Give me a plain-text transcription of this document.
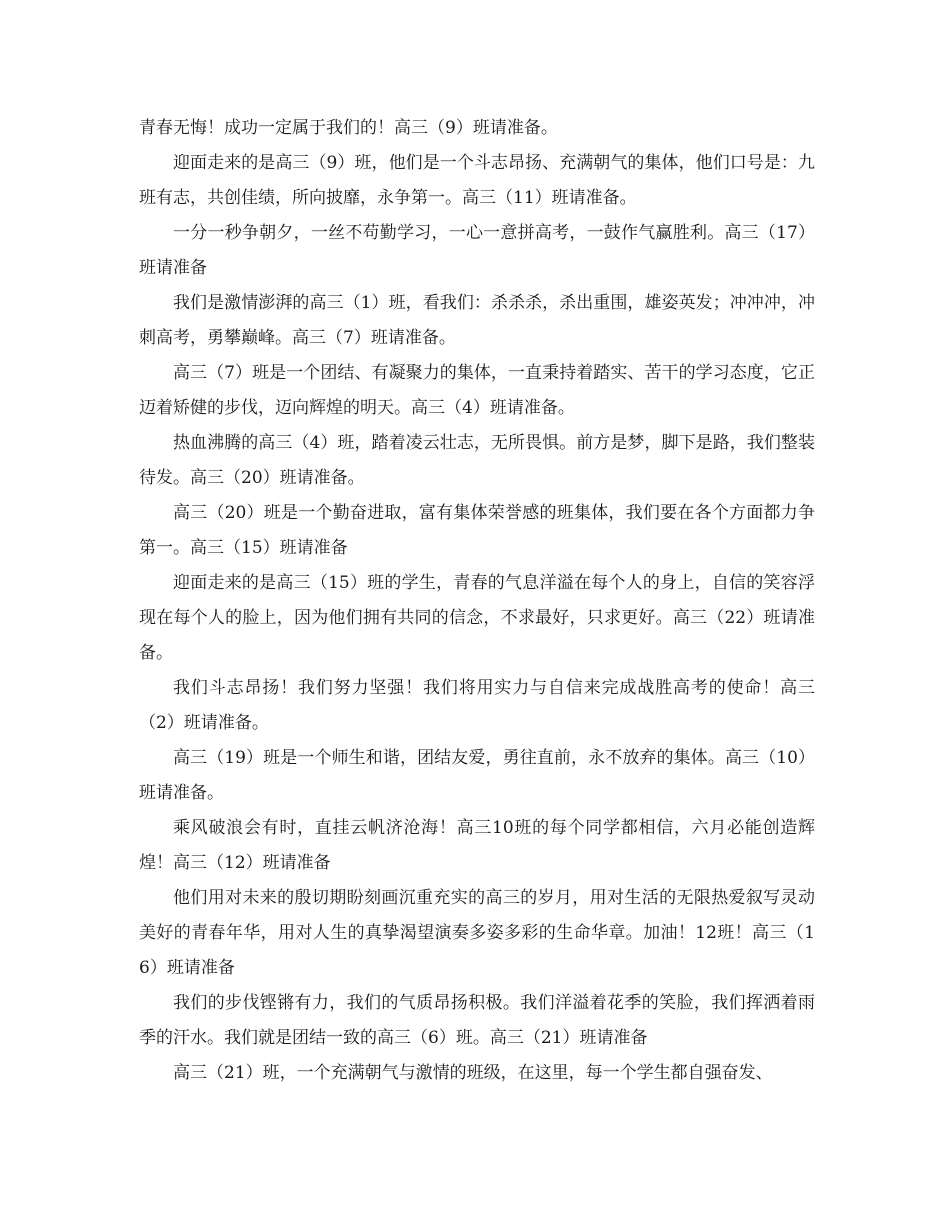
青春无悔！成功一定属于我们的！高三（9）班请准备。

迎面走来的是高三（9）班，他们是一个斗志昂扬、充满朝气的集体，他们口号是：九班有志，共创佳绩，所向披靡，永争第一。高三（11）班请准备。

一分一秒争朝夕，一丝不苟勤学习，一心一意拼高考，一鼓作气赢胜利。高三（17）班请准备

我们是激情澎湃的高三（1）班，看我们：杀杀杀，杀出重围，雄姿英发；冲冲冲，冲刺高考，勇攀巅峰。高三（7）班请准备。

高三（7）班是一个团结、有凝聚力的集体，一直秉持着踏实、苦干的学习态度，它正迈着矫健的步伐，迈向辉煌的明天。高三（4）班请准备。

热血沸腾的高三（4）班，踏着凌云壮志，无所畏惧。前方是梦，脚下是路，我们整装待发。高三（20）班请准备。

高三（20）班是一个勤奋进取，富有集体荣誉感的班集体，我们要在各个方面都力争第一。高三（15）班请准备

迎面走来的是高三（15）班的学生，青春的气息洋溢在每个人的身上，自信的笑容浮现在每个人的脸上，因为他们拥有共同的信念，不求最好，只求更好。高三（22）班请准备。

我们斗志昂扬！我们努力坚强！我们将用实力与自信来完成战胜高考的使命！高三（2）班请准备。

高三（19）班是一个师生和谐，团结友爱，勇往直前，永不放弃的集体。高三（10）班请准备。

乘风破浪会有时，直挂云帆济沧海！高三10班的每个同学都相信，六月必能创造辉煌！高三（12）班请准备

他们用对未来的殷切期盼刻画沉重充实的高三的岁月，用对生活的无限热爱叙写灵动美好的青春年华，用对人生的真挚渴望演奏多姿多彩的生命华章。加油！12班！高三（16）班请准备

我们的步伐铿锵有力，我们的气质昂扬积极。我们洋溢着花季的笑脸，我们挥洒着雨季的汗水。我们就是团结一致的高三（6）班。高三（21）班请准备

高三（21）班，一个充满朝气与激情的班级，在这里，每一个学生都自强奋发、
